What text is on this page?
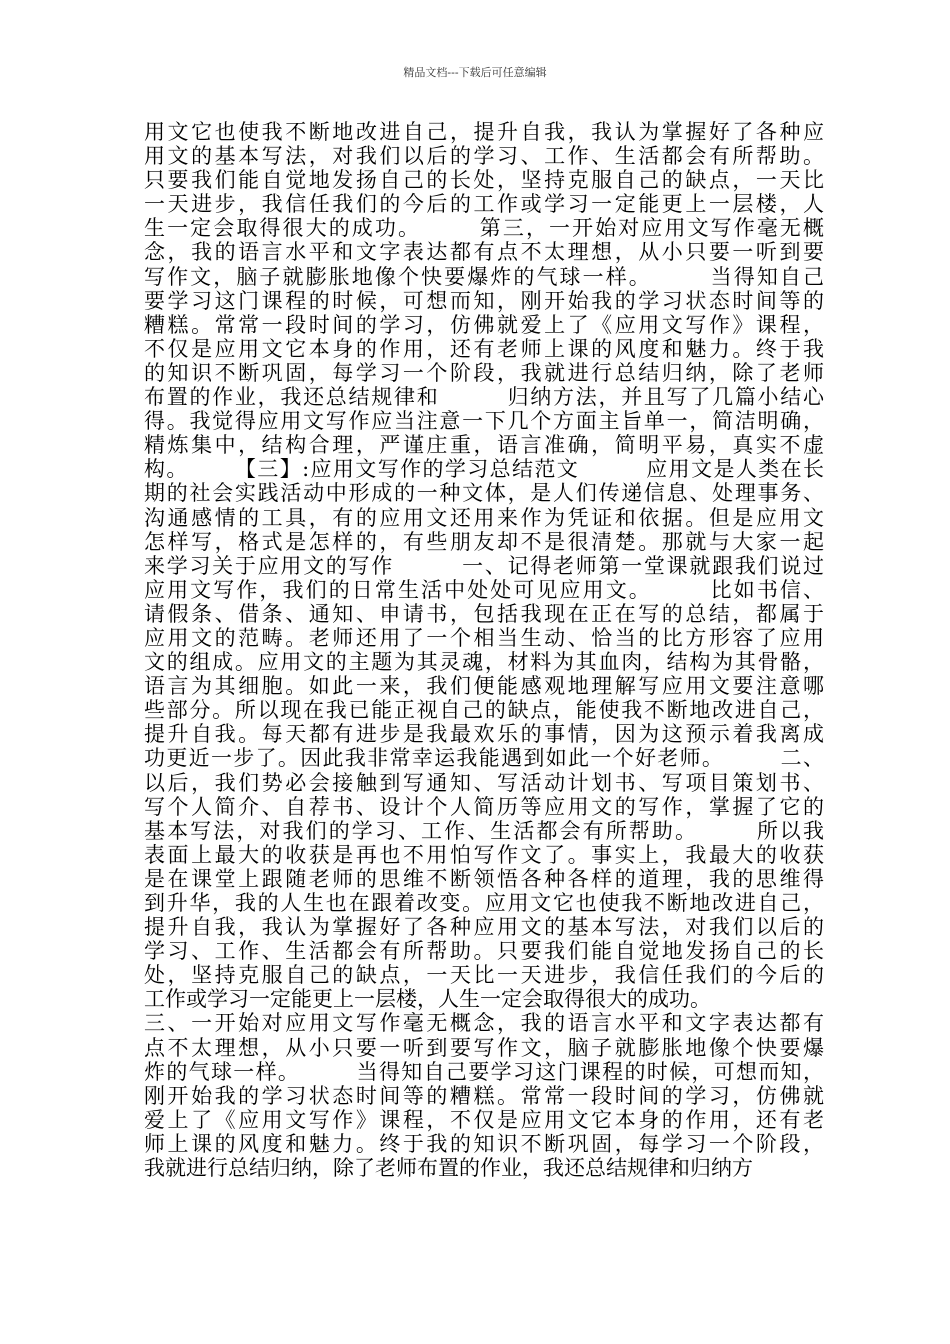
精品文档---下载后可任意编辑
用文它也使我不断地改进自己，提升自我，我认为掌握好了各种应
用文的基本写法，对我们以后的学习、工作、生活都会有所帮助。
只要我们能自觉地发扬自己的长处，坚持克服自己的缺点，一天比
一天进步，我信任我们的今后的工作或学习一定能更上一层楼，人
生一定会取得很大的成功。　　　第三，一开始对应用文写作毫无概
念，我的语言水平和文字表达都有点不太理想，从小只要一听到要
写作文，脑子就膨胀地像个快要爆炸的气球一样。　　　当得知自己
要学习这门课程的时候，可想而知，刚开始我的学习状态时间等的
糟糕。常常一段时间的学习，仿佛就爱上了《应用文写作》课程，
不仅是应用文它本身的作用，还有老师上课的风度和魅力。终于我
的知识不断巩固，每学习一个阶段，我就进行总结归纳，除了老师
布置的作业，我还总结规律和　　　归纳方法，并且写了几篇小结心
得。我觉得应用文写作应当注意一下几个方面主旨单一，简洁明确，
精炼集中，结构合理，严谨庄重，语言准确，简明平易，真实不虚
构。　　　【三】:应用文写作的学习总结范文　　　应用文是人类在长
期的社会实践活动中形成的一种文体，是人们传递信息、处理事务、
沟通感情的工具，有的应用文还用来作为凭证和依据。但是应用文
怎样写，格式是怎样的，有些朋友却不是很清楚。那就与大家一起
来学习关于应用文的写作　　　一、记得老师第一堂课就跟我们说过
应用文写作，我们的日常生活中处处可见应用文。　　　比如书信、
请假条、借条、通知、申请书，包括我现在正在写的总结，都属于
应用文的范畴。老师还用了一个相当生动、恰当的比方形容了应用
文的组成。应用文的主题为其灵魂，材料为其血肉，结构为其骨骼，
语言为其细胞。如此一来，我们便能感观地理解写应用文要注意哪
些部分。所以现在我已能正视自己的缺点，能使我不断地改进自己，
提升自我。每天都有进步是我最欢乐的事情，因为这预示着我离成
功更近一步了。因此我非常幸运我能遇到如此一个好老师。　　　二、
以后，我们势必会接触到写通知、写活动计划书、写项目策划书、
写个人简介、自荐书、设计个人简历等应用文的写作，掌握了它的
基本写法，对我们的学习、工作、生活都会有所帮助。　　　所以我
表面上最大的收获是再也不用怕写作文了。事实上，我最大的收获
是在课堂上跟随老师的思维不断领悟各种各样的道理，我的思维得
到升华，我的人生也在跟着改变。应用文它也使我不断地改进自己，
提升自我，我认为掌握好了各种应用文的基本写法，对我们以后的
学习、工作、生活都会有所帮助。只要我们能自觉地发扬自己的长
处，坚持克服自己的缺点，一天比一天进步，我信任我们的今后的
工作或学习一定能更上一层楼，人生一定会取得很大的成功。
三、一开始对应用文写作毫无概念，我的语言水平和文字表达都有
点不太理想，从小只要一听到要写作文，脑子就膨胀地像个快要爆
炸的气球一样。　　　当得知自己要学习这门课程的时候，可想而知，
刚开始我的学习状态时间等的糟糕。常常一段时间的学习，仿佛就
爱上了《应用文写作》课程，不仅是应用文它本身的作用，还有老
师上课的风度和魅力。终于我的知识不断巩固，每学习一个阶段，
我就进行总结归纳，除了老师布置的作业，我还总结规律和归纳方
